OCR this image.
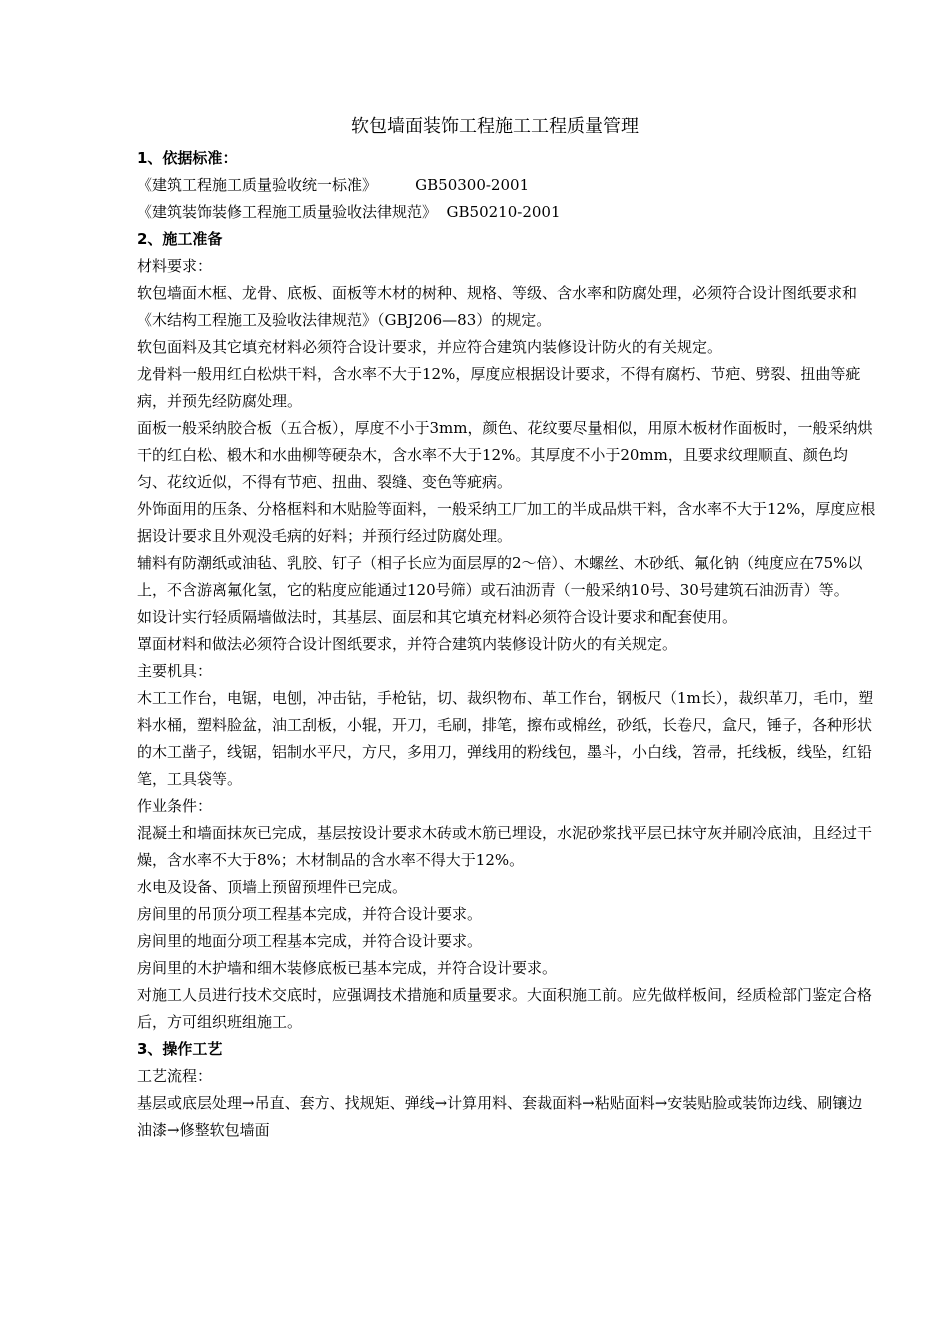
软包墙面装饰工程施工工程质量管理

1、依据标准：

《建筑工程施工质量验收统一标准》        GB50300-2001

《建筑装饰装修工程施工质量验收法律规范》  GB50210-2001

2、施工准备

材料要求：

软包墙面木框、龙骨、底板、面板等木材的树种、规格、等级、含水率和防腐处理，必须符合设计图纸要求和《木结构工程施工及验收法律规范》（GBJ206—83）的规定。

软包面料及其它填充材料必须符合设计要求，并应符合建筑内装修设计防火的有关规定。

龙骨料一般用红白松烘干料，含水率不大于12%，厚度应根据设计要求，不得有腐朽、节疤、劈裂、扭曲等疵病，并预先经防腐处理。

面板一般采纳胶合板（五合板），厚度不小于3mm，颜色、花纹要尽量相似，用原木板材作面板时，一般采纳烘干的红白松、椴木和水曲柳等硬杂木，含水率不大于12%。其厚度不小于20mm，且要求纹理顺直、颜色均匀、花纹近似，不得有节疤、扭曲、裂缝、变色等疵病。

外饰面用的压条、分格框料和木贴脸等面料，一般采纳工厂加工的半成品烘干料，含水率不大于12%，厚度应根据设计要求且外观没毛病的好料；并预行经过防腐处理。

辅料有防潮纸或油毡、乳胶、钉子（相子长应为面层厚的2～倍）、木螺丝、木砂纸、氟化钠（纯度应在75%以上，不含游离氟化氢，它的粘度应能通过120号筛）或石油沥青（一般采纳10号、30号建筑石油沥青）等。

如设计实行轻质隔墙做法时，其基层、面层和其它填充材料必须符合设计要求和配套使用。

罩面材料和做法必须符合设计图纸要求，并符合建筑内装修设计防火的有关规定。

主要机具：

木工工作台，电锯，电刨，冲击钻，手枪钻，切、裁织物布、革工作台，钢板尺（1m长），裁织革刀，毛巾，塑料水桶，塑料脸盆，油工刮板，小辊，开刀，毛刷，排笔，擦布或棉丝，砂纸，长卷尺，盒尺，锤子，各种形状的木工凿子，线锯，铝制水平尺，方尺，多用刀，弹线用的粉线包，墨斗，小白线，笤帚，托线板，线坠，红铅笔，工具袋等。

作业条件：

混凝土和墙面抹灰已完成，基层按设计要求木砖或木筋已埋设，水泥砂浆找平层已抹守灰并刷冷底油，且经过干燥，含水率不大于8%；木材制品的含水率不得大于12%。

水电及设备、顶墙上预留预埋件已完成。

房间里的吊顶分项工程基本完成，并符合设计要求。

房间里的地面分项工程基本完成，并符合设计要求。

房间里的木护墙和细木装修底板已基本完成，并符合设计要求。

对施工人员进行技术交底时，应强调技术措施和质量要求。大面积施工前。应先做样板间，经质检部门鉴定合格后，方可组织班组施工。

3、操作工艺

工艺流程：

基层或底层处理→吊直、套方、找规矩、弹线→计算用料、套裁面料→粘贴面料→安装贴脸或装饰边线、刷镶边油漆→修整软包墙面
